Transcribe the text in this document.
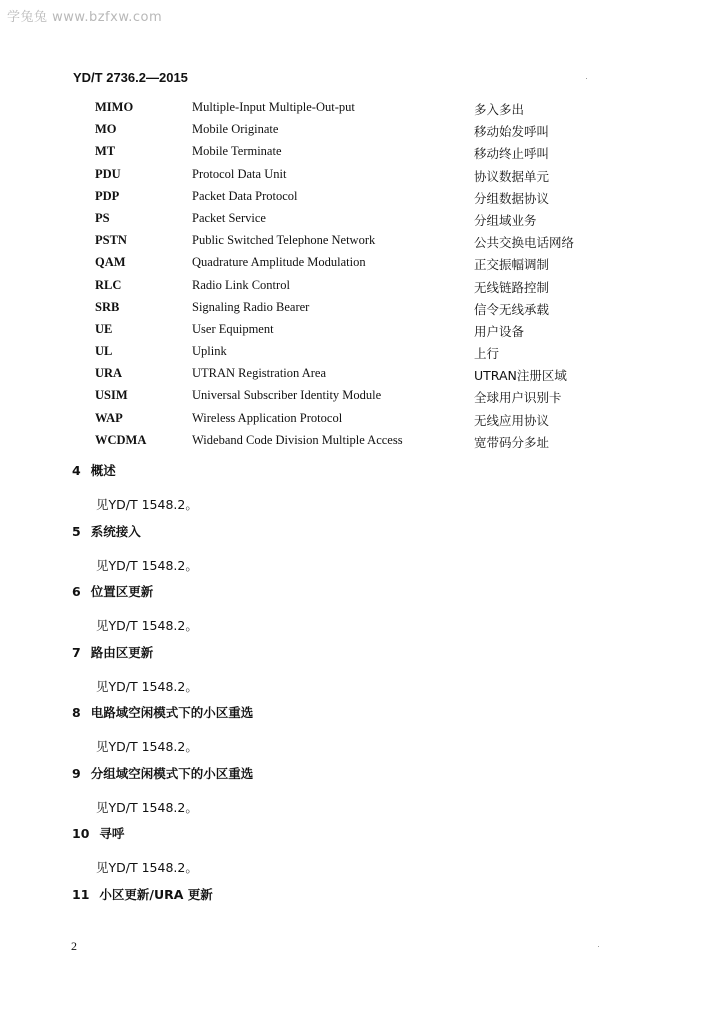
学兔兔 www.bzfxw.com
YD/T 2736.2—2015
MIMO	Multiple-Input Multiple-Out-put	多入多出
MO	Mobile Originate	移动始发呼叫
MT	Mobile Terminate	移动终止呼叫
PDU	Protocol Data Unit	协议数据单元
PDP	Packet Data Protocol	分组数据协议
PS	Packet Service	分组域业务
PSTN	Public Switched Telephone Network	公共交换电话网络
QAM	Quadrature Amplitude Modulation	正交振幅调制
RLC	Radio Link Control	无线链路控制
SRB	Signaling Radio Bearer	信令无线承载
UE	User Equipment	用户设备
UL	Uplink	上行
URA	UTRAN Registration Area	UTRAN注册区域
USIM	Universal Subscriber Identity Module	全球用户识别卡
WAP	Wireless Application Protocol	无线应用协议
WCDMA	Wideband Code Division Multiple Access	宽带码分多址
4 概述
见YD/T 1548.2。
5 系统接入
见YD/T 1548.2。
6 位置区更新
见YD/T 1548.2。
7 路由区更新
见YD/T 1548.2。
8 电路域空闲模式下的小区重选
见YD/T 1548.2。
9 分组域空闲模式下的小区重选
见YD/T 1548.2。
10 寻呼
见YD/T 1548.2。
11 小区更新/URA 更新
2
